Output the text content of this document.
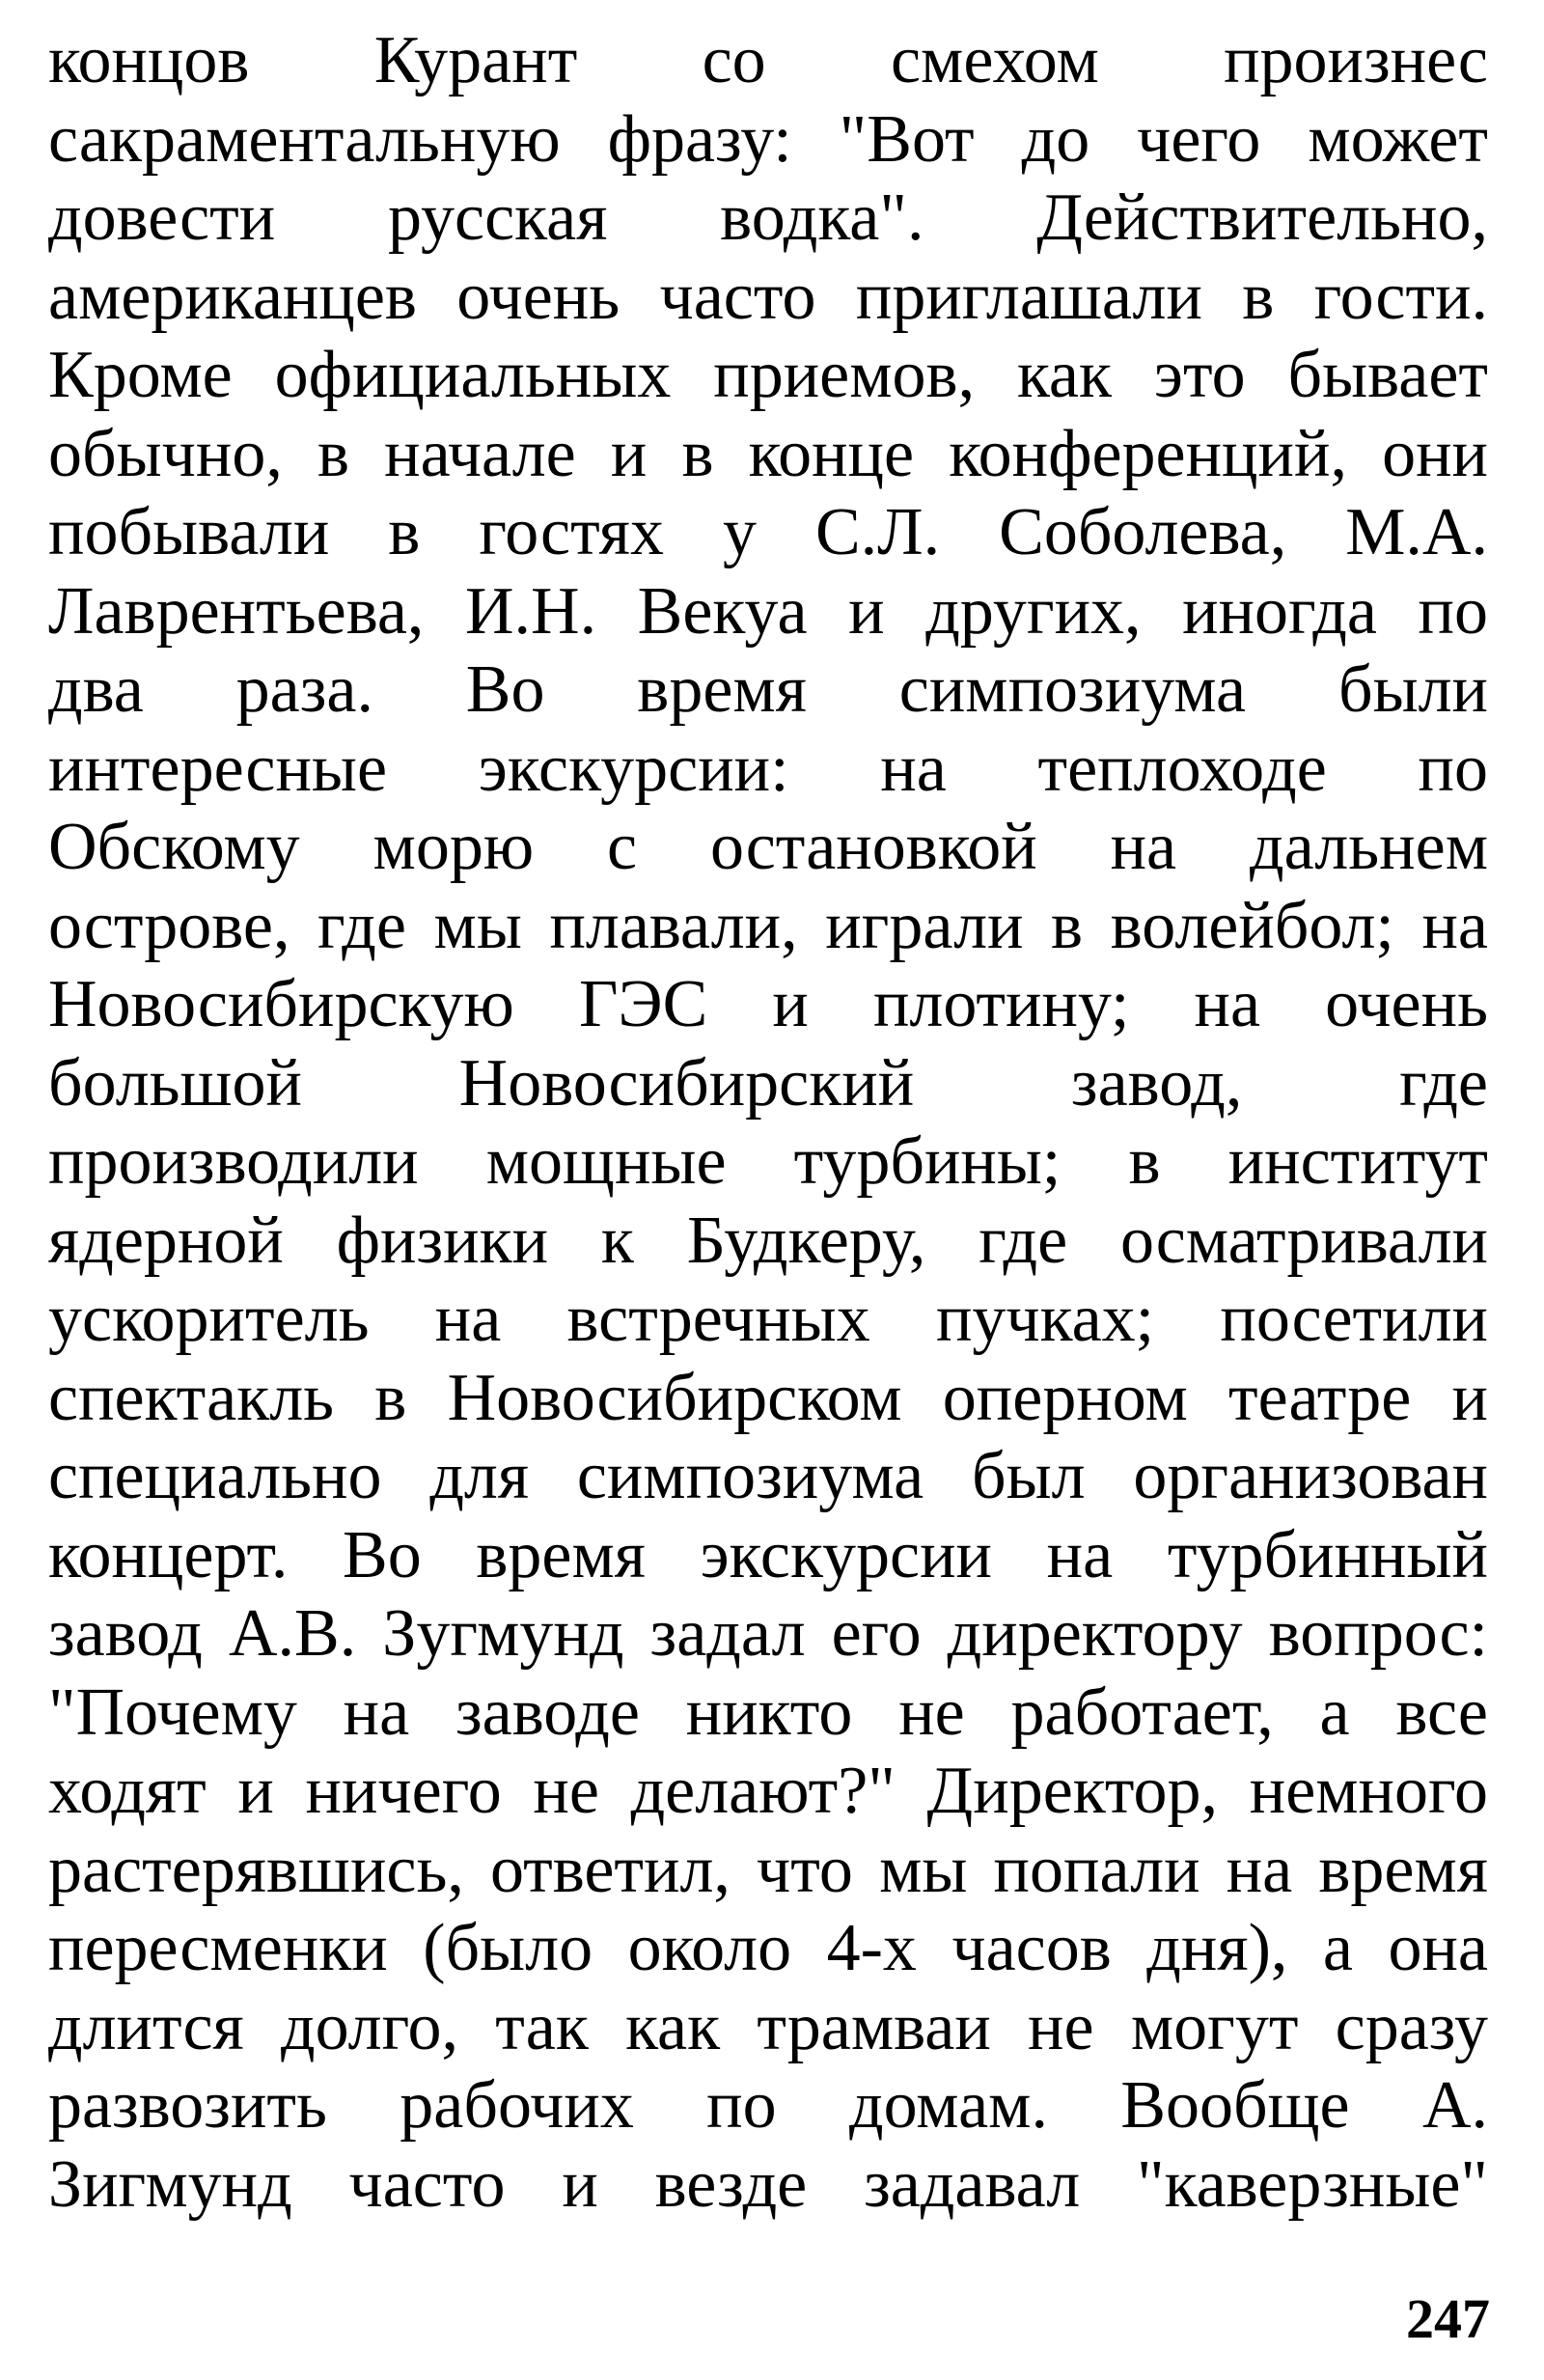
концов Курант со смехом произнес
сакраментальную фразу: "Вот до чего может
довести русская водка". Действительно,
американцев очень часто приглашали в гости.
Кроме официальных приемов, как это бывает
обычно, в начале и в конце конференций, они
побывали в гостях у С.Л. Соболева, М.А.
Лаврентьева, И.Н. Векуа и других, иногда по
два раза. Во время симпозиума были
интересные экскурсии: на теплоходе по
Обскому морю с остановкой на дальнем
острове, где мы плавали, играли в волейбол; на
Новосибирскую ГЭС и плотину; на очень
большой Новосибирский завод, где
производили мощные турбины; в институт
ядерной физики к Будкеру, где осматривали
ускоритель на встречных пучках; посетили
спектакль в Новосибирском оперном театре и
специально для симпозиума был организован
концерт. Во время экскурсии на турбинный
завод А.В. Зугмунд задал его директору вопрос:
"Почему на заводе никто не работает, а все
ходят и ничего не делают?" Директор, немного
растерявшись, ответил, что мы попали на время
пересменки (было около 4-х часов дня), а она
длится долго, так как трамваи не могут сразу
развозить рабочих по домам. Вообще А.
Зигмунд часто и везде задавал "каверзные"
247
